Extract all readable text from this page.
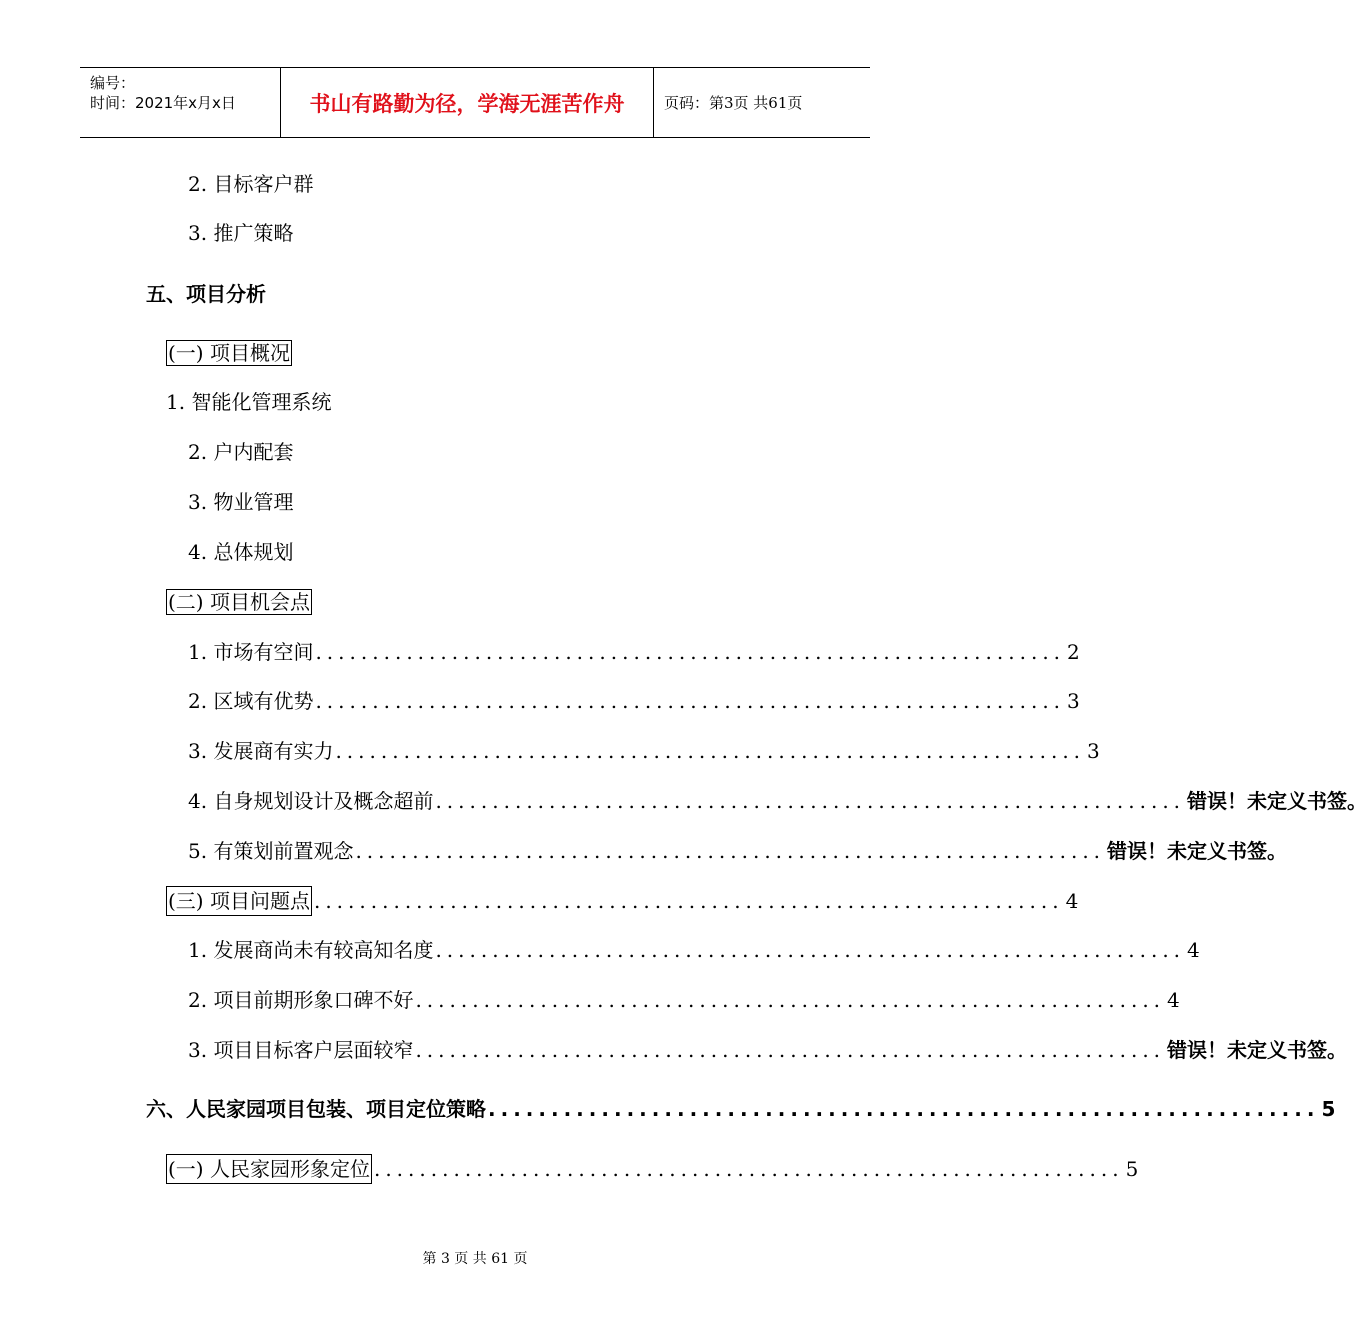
编号：
时间：2021年x月x日	书山有路勤为径，学海无涯苦作舟	页码：第3页 共61页
2. 目标客户群
3. 推广策略
五、项目分析
(一) 项目概况
1. 智能化管理系统
2. 户内配套
3. 物业管理
4. 总体规划
(二) 项目机会点
1. 市场有空间 .................................................................. 2
2. 区域有优势 .................................................................. 3
3. 发展商有实力 .................................................................. 3
4. 自身规划设计及概念超前 .................................................................. 错误！未定义书签。
5. 有策划前置观念 .................................................................. 错误！未定义书签。
(三) 项目问题点 .................................................................. 4
1. 发展商尚未有较高知名度 .................................................................. 4
2. 项目前期形象口碑不好 .................................................................. 4
3. 项目目标客户层面较窄 .................................................................. 错误！未定义书签。
六、人民家园项目包装、项目定位策略 .................................................................. 5
(一) 人民家园形象定位 .................................................................. 5
第 3 页 共 61 页
